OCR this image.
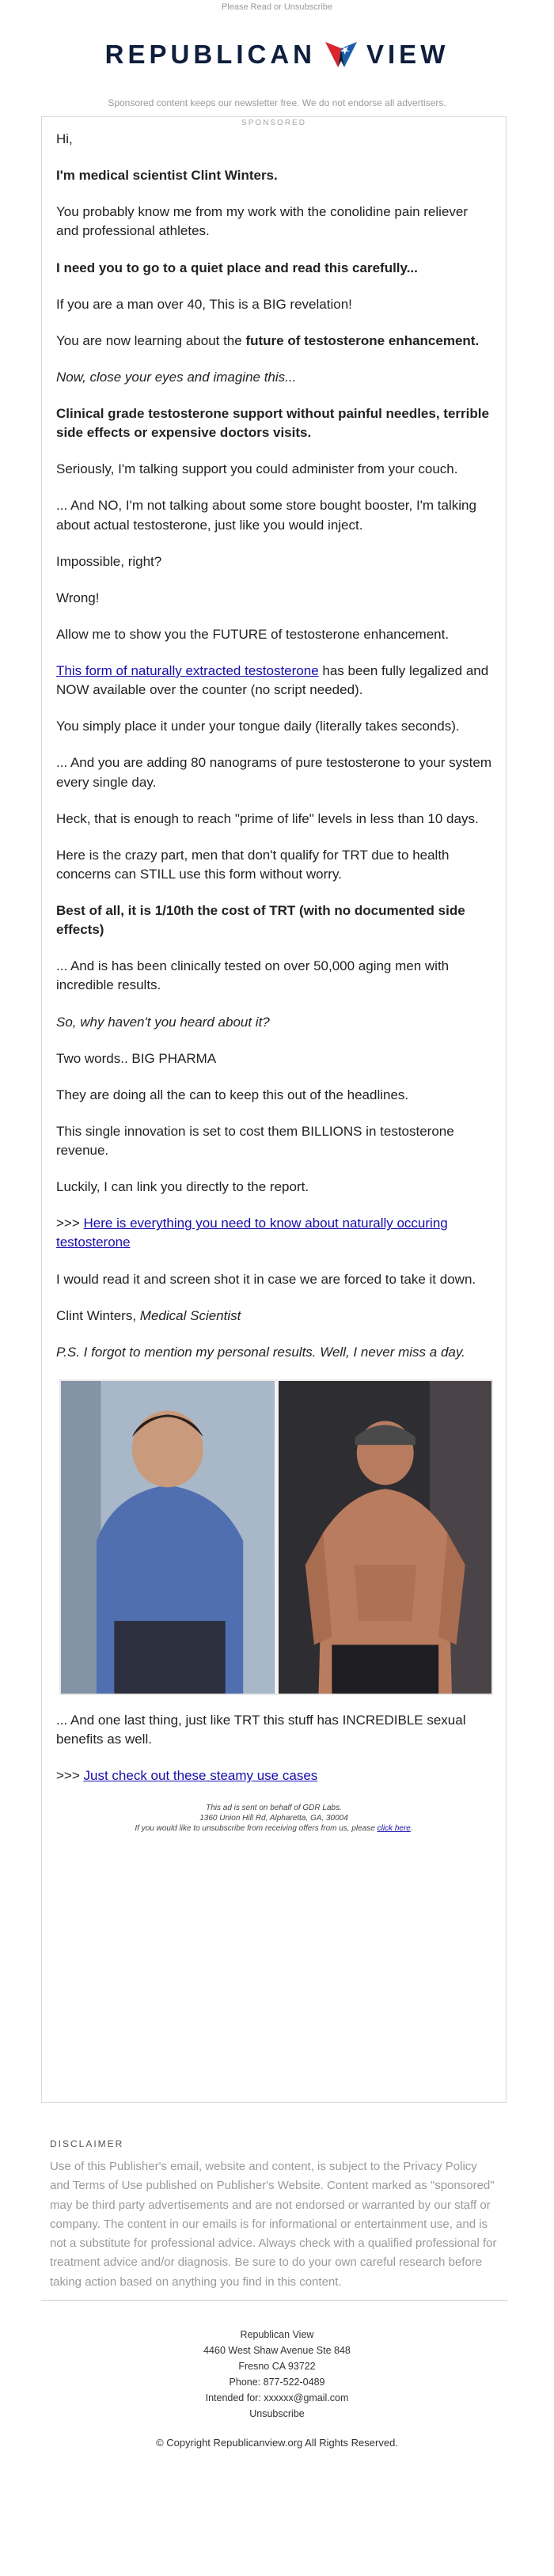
Please Read or Unsubscribe
REPUBLICAN VIEW
Sponsored content keeps our newsletter free. We do not endorse all advertisers.
SPONSORED

Hi,

I'm medical scientist Clint Winters.

You probably know me from my work with the conolidine pain reliever and professional athletes.

I need you to go to a quiet place and read this carefully...

If you are a man over 40, This is a BIG revelation!

You are now learning about the future of testosterone enhancement.

Now, close your eyes and imagine this...

Clinical grade testosterone support without painful needles, terrible side effects or expensive doctors visits.

Seriously, I'm talking support you could administer from your couch.

... And NO, I'm not talking about some store bought booster, I'm talking about actual testosterone, just like you would inject.

Impossible, right?

Wrong!

Allow me to show you the FUTURE of testosterone enhancement.

This form of naturally extracted testosterone has been fully legalized and NOW available over the counter (no script needed).

You simply place it under your tongue daily (literally takes seconds).

... And you are adding 80 nanograms of pure testosterone to your system every single day.

Heck, that is enough to reach "prime of life" levels in less than 10 days.

Here is the crazy part, men that don't qualify for TRT due to health concerns can STILL use this form without worry.

Best of all, it is 1/10th the cost of TRT (with no documented side effects)

... And is has been clinically tested on over 50,000 aging men with incredible results.

So, why haven't you heard about it?

Two words.. BIG PHARMA

They are doing all the can to keep this out of the headlines.

This single innovation is set to cost them BILLIONS in testosterone revenue.

Luckily, I can link you directly to the report.

>>> Here is everything you need to know about naturally occuring testosterone

I would read it and screen shot it in case we are forced to take it down.

Clint Winters, Medical Scientist

P.S. I forgot to mention my personal results. Well, I never miss a day.

... And one last thing, just like TRT this stuff has INCREDIBLE sexual benefits as well.

>>> Just check out these steamy use cases

This ad is sent on behalf of GDR Labs.
1360 Union Hill Rd, Alpharetta, GA, 30004
If you would like to unsubscribe from receiving offers from us, please click here.
DISCLAIMER
Use of this Publisher's email, website and content, is subject to the Privacy Policy and Terms of Use published on Publisher's Website. Content marked as "sponsored" may be third party advertisements and are not endorsed or warranted by our staff or company. The content in our emails is for informational or entertainment use, and is not a substitute for professional advice. Always check with a qualified professional for treatment advice and/or diagnosis. Be sure to do your own careful research before taking action based on anything you find in this content.
Republican View
4460 West Shaw Avenue Ste 848
Fresno CA 93722
Phone: 877-522-0489
Intended for: xxxxxx@gmail.com
Unsubscribe
© Copyright Republicanview.org All Rights Reserved.
